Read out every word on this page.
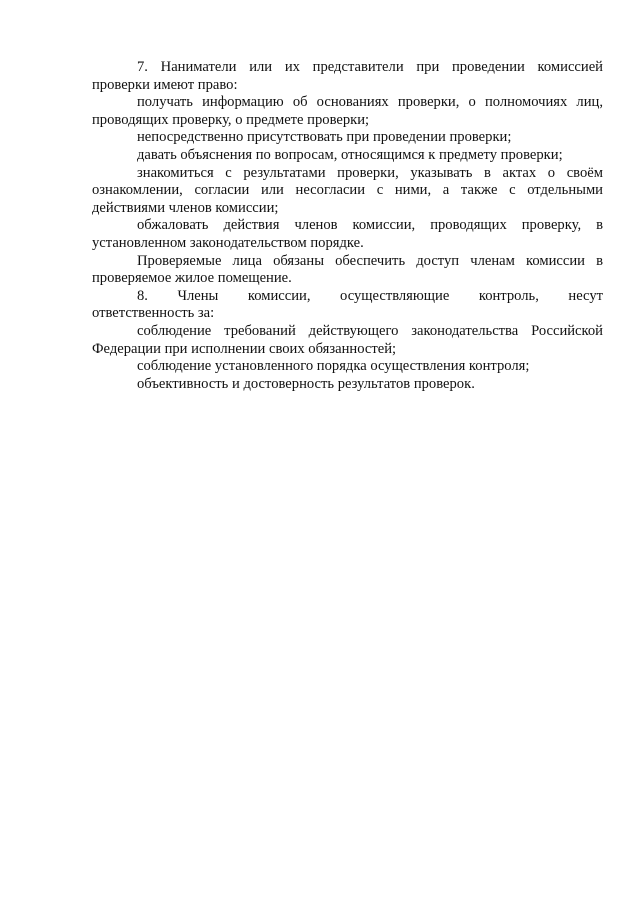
7. Наниматели или их представители при проведении комиссией
проверки имеют право:
получать информацию об основаниях проверки, о полномочиях лиц,
проводящих проверку, о предмете проверки;
непосредственно присутствовать при проведении проверки;
давать объяснения по вопросам, относящимся к предмету проверки;
знакомиться с результатами проверки, указывать в актах о своём
ознакомлении, согласии или несогласии с ними, а также с отдельными
действиями членов комиссии;
обжаловать действия членов комиссии, проводящих проверку, в
установленном законодательством порядке.
Проверяемые лица обязаны обеспечить доступ членам комиссии в
проверяемое жилое помещение.
8. Члены комиссии, осуществляющие контроль, несут
ответственность за:
соблюдение требований действующего законодательства Российской
Федерации при исполнении своих обязанностей;
соблюдение установленного порядка осуществления контроля;
объективность и достоверность результатов проверок.
